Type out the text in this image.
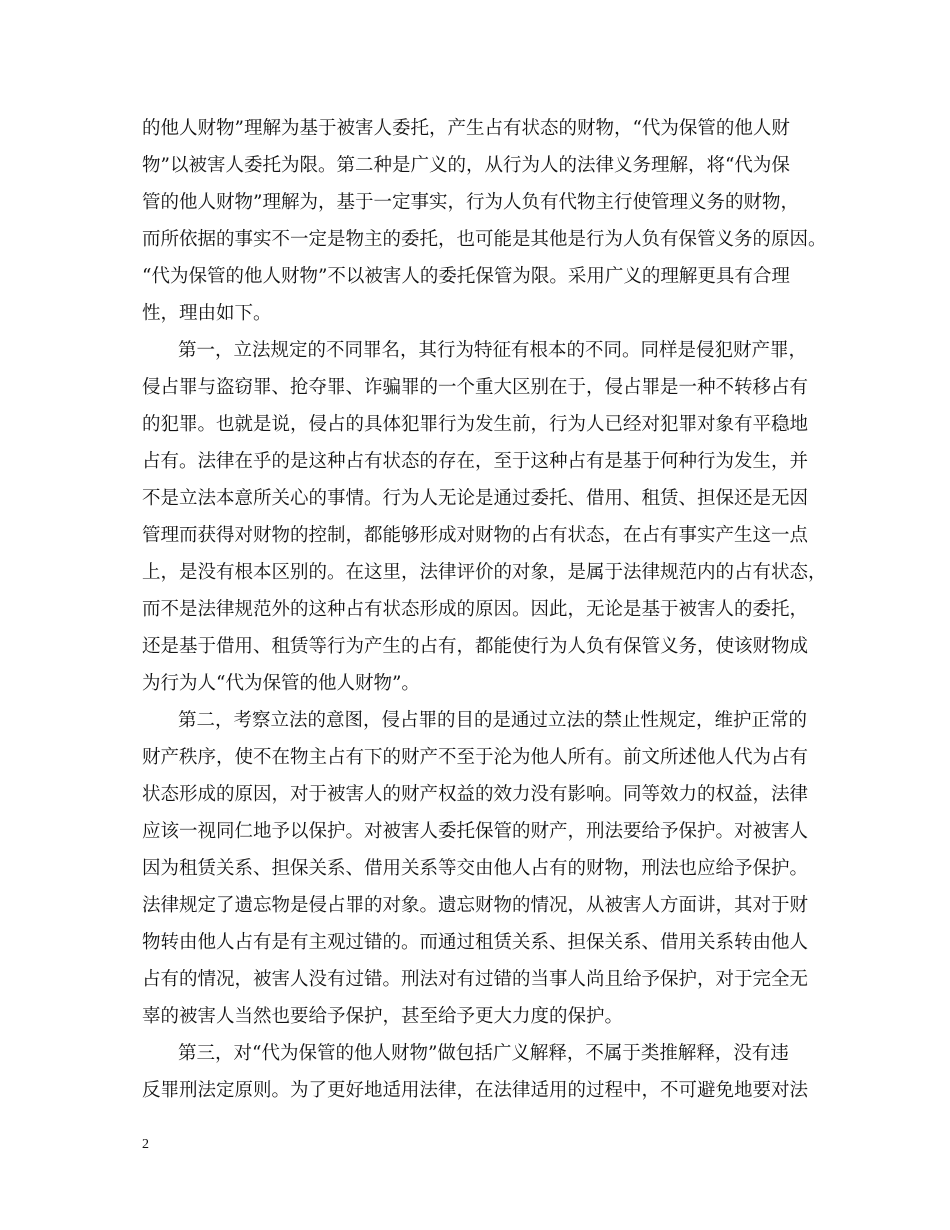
的他人财物”理解为基于被害人委托，产生占有状态的财物，“代为保管的他人财
物”以被害人委托为限。第二种是广义的，从行为人的法律义务理解，将“代为保
管的他人财物”理解为，基于一定事实，行为人负有代物主行使管理义务的财物，
而所依据的事实不一定是物主的委托，也可能是其他是行为人负有保管义务的原因。
“代为保管的他人财物”不以被害人的委托保管为限。采用广义的理解更具有合理
性，理由如下。
第一，立法规定的不同罪名，其行为特征有根本的不同。同样是侵犯财产罪，
侵占罪与盗窃罪、抢夺罪、诈骗罪的一个重大区别在于，侵占罪是一种不转移占有
的犯罪。也就是说，侵占的具体犯罪行为发生前，行为人已经对犯罪对象有平稳地
占有。法律在乎的是这种占有状态的存在，至于这种占有是基于何种行为发生，并
不是立法本意所关心的事情。行为人无论是通过委托、借用、租赁、担保还是无因
管理而获得对财物的控制，都能够形成对财物的占有状态，在占有事实产生这一点
上，是没有根本区别的。在这里，法律评价的对象，是属于法律规范内的占有状态，
而不是法律规范外的这种占有状态形成的原因。因此，无论是基于被害人的委托，
还是基于借用、租赁等行为产生的占有，都能使行为人负有保管义务，使该财物成
为行为人“代为保管的他人财物”。
第二，考察立法的意图，侵占罪的目的是通过立法的禁止性规定，维护正常的
财产秩序，使不在物主占有下的财产不至于沦为他人所有。前文所述他人代为占有
状态形成的原因，对于被害人的财产权益的效力没有影响。同等效力的权益，法律
应该一视同仁地予以保护。对被害人委托保管的财产，刑法要给予保护。对被害人
因为租赁关系、担保关系、借用关系等交由他人占有的财物，刑法也应给予保护。
法律规定了遗忘物是侵占罪的对象。遗忘财物的情况，从被害人方面讲，其对于财
物转由他人占有是有主观过错的。而通过租赁关系、担保关系、借用关系转由他人
占有的情况，被害人没有过错。刑法对有过错的当事人尚且给予保护，对于完全无
辜的被害人当然也要给予保护，甚至给予更大力度的保护。
第三，对“代为保管的他人财物”做包括广义解释，不属于类推解释，没有违
反罪刑法定原则。为了更好地适用法律，在法律适用的过程中，不可避免地要对法
2
